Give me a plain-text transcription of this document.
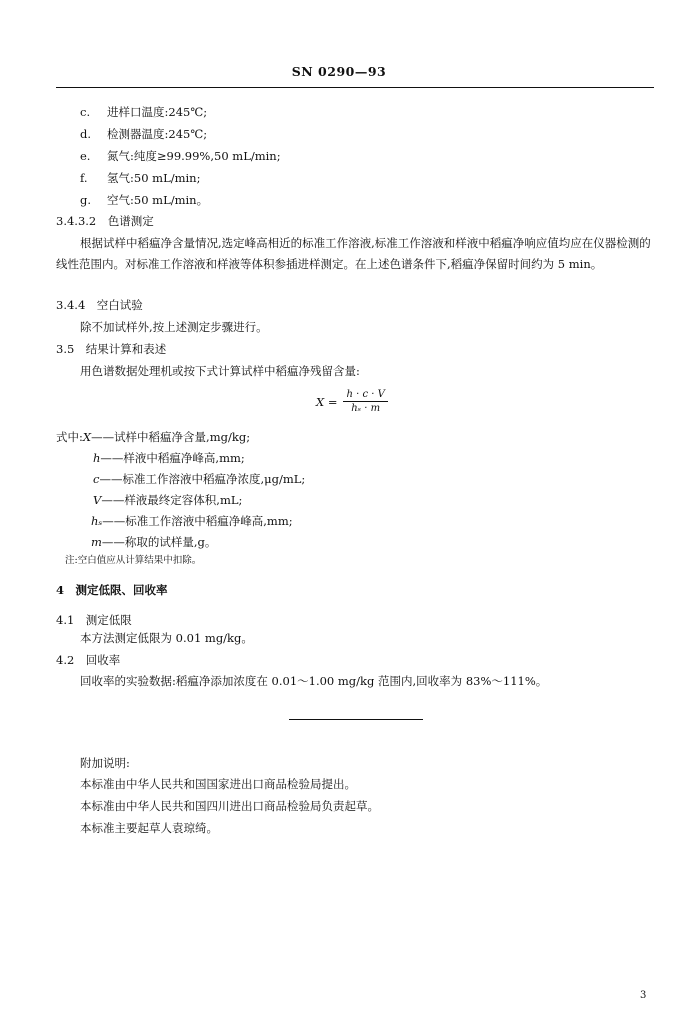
SN 0290—93
c. 进样口温度:245℃;
d. 检测器温度:245℃;
e. 氮气:纯度≥99.99%,50 mL/min;
f. 氢气:50 mL/min;
g. 空气:50 mL/min。
3.4.3.2　色谱测定
根据试样中稻瘟净含量情况,选定峰高相近的标准工作溶液,标准工作溶液和样液中稻瘟净响应值均应在仪器检测的线性范围内。对标准工作溶液和样液等体积参插进样测定。在上述色谱条件下,稻瘟净保留时间约为 5 min。
3.4.4　空白试验
除不加试样外,按上述测定步骤进行。
3.5　结果计算和表述
用色谱数据处理机或按下式计算试样中稻瘟净残留含量:
$X = \frac{h \cdot c \cdot V}{\text{hₛ · m}}$
式中:X——试样中稻瘟净含量,mg/kg;
h——样液中稻瘟净峰高,mm;
c——标准工作溶液中稻瘟净浓度,μg/mL;
V——样液最终定容体积,mL;
hₛ——标准工作溶液中稻瘟净峰高,mm;
m——称取的试样量,g。
注:空白值应从计算结果中扣除。
4　测定低限、回收率
4.1　测定低限
本方法测定低限为 0.01 mg/kg。
4.2　回收率
回收率的实验数据:稻瘟净添加浓度在 0.01～1.00 mg/kg 范围内,回收率为 83%～111%。
附加说明:
本标准由中华人民共和国国家进出口商品检验局提出。
本标准由中华人民共和国四川进出口商品检验局负责起草。
本标准主要起草人袁琼绮。
3
